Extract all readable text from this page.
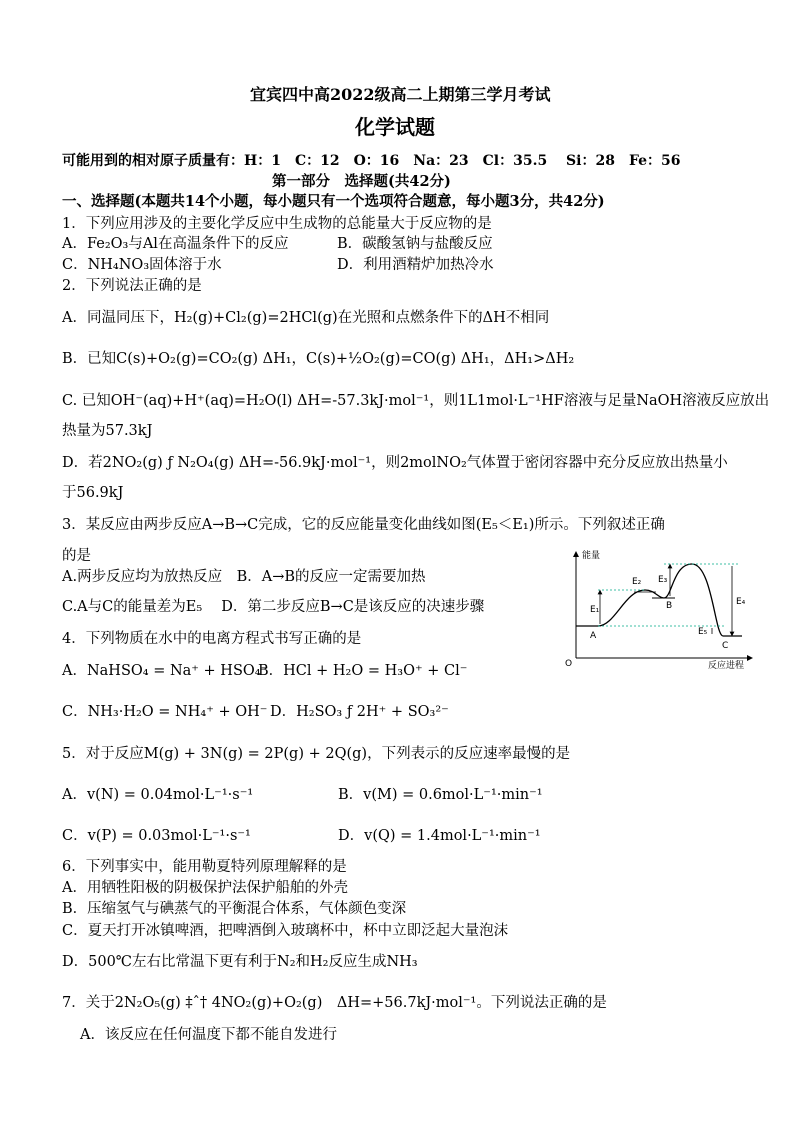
宜宾四中高2022级高二上期第三学月考试
化学试题
可能用到的相对原子质量有：H：1　C：12　O：16　Na：23　Cl：35.5　 Si：28　Fe：56
第一部分　选择题(共42分)
一、选择题(本题共14个小题，每小题只有一个选项符合题意，每小题3分，共42分)
1．下列应用涉及的主要化学反应中生成物的总能量大于反应物的是
A．Fe₂O₃与Al在高温条件下的反应	B．碳酸氢钠与盐酸反应
C．NH₄NO₃固体溶于水	D．利用酒精炉加热冷水
2．下列说法正确的是
A．同温同压下，H₂(g)+Cl₂(g)=2HCl(g)在光照和点燃条件下的ΔH不相同
B．已知C(s)+O₂(g)=CO₂(g) ΔH₁，C(s)+½O₂(g)=CO(g) ΔH₁，ΔH₁>ΔH₂
C. 已知OH⁻(aq)+H⁺(aq)=H₂O(l) ΔH=-57.3kJ·mol⁻¹，则1L1mol·L⁻¹HF溶液与足量NaOH溶液反应放出
热量为57.3kJ
D．若2NO₂(g) ƒ N₂O₄(g) ΔH=-56.9kJ·mol⁻¹，则2molNO₂气体置于密闭容器中充分反应放出热量小
于56.9kJ
3．某反应由两步反应A→B→C完成，它的反应能量变化曲线如图(E₅＜E₁)所示。下列叙述正确
的是
A.两步反应均为放热反应　B．A→B的反应一定需要加热
C.A与C的能量差为E₅　 D．第二步反应B→C是该反应的决速步骤
能量
反应进程
O
A
B
C
E₁
E₂ E₃
E₄
E₅
4．下列物质在水中的电离方程式书写正确的是
A．NaHSO₄ = Na⁺ + HSO₄⁻
B．HCl + H₂O = H₃O⁺ + Cl⁻
C．NH₃·H₂O = NH₄⁺ + OH⁻ D．H₂SO₃ ƒ 2H⁺ + SO₃²⁻
5．对于反应M(g) + 3N(g) = 2P(g) + 2Q(g)，下列表示的反应速率最慢的是
A．v(N) = 0.04mol·L⁻¹·s⁻¹	B．v(M) = 0.6mol·L⁻¹·min⁻¹
C．v(P) = 0.03mol·L⁻¹·s⁻¹	D．v(Q) = 1.4mol·L⁻¹·min⁻¹
6．下列事实中，能用勒夏特列原理解释的是
A．用牺牲阳极的阴极保护法保护船舶的外壳
B．压缩氢气与碘蒸气的平衡混合体系，气体颜色变深
C．夏天打开冰镇啤酒，把啤酒倒入玻璃杯中，杯中立即泛起大量泡沫
D．500℃左右比常温下更有利于N₂和H₂反应生成NH₃
7．关于2N₂O₅(g) ‡ˆ† 4NO₂(g)+O₂(g)　ΔH=+56.7kJ·mol⁻¹。下列说法正确的是
A．该反应在任何温度下都不能自发进行
